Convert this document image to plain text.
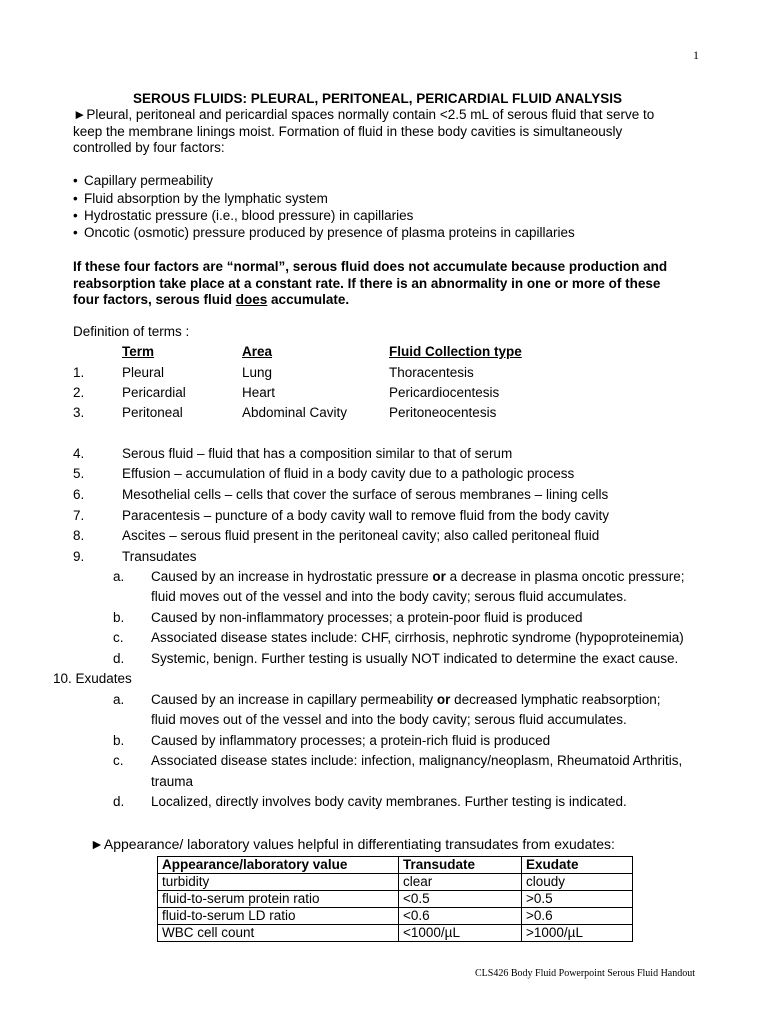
1
SEROUS FLUIDS: PLEURAL, PERITONEAL, PERICARDIAL FLUID ANALYSIS
►Pleural, peritoneal and pericardial spaces normally contain <2.5 mL of serous fluid that serve to
keep the membrane linings moist. Formation of fluid in these body cavities is simultaneously
controlled by four factors:
• Capillary permeability
• Fluid absorption by the lymphatic system
• Hydrostatic pressure (i.e., blood pressure) in capillaries
• Oncotic (osmotic) pressure produced by presence of plasma proteins in capillaries
If these four factors are “normal”, serous fluid does not accumulate because production and
reabsorption take place at a constant rate. If there is an abnormality in one or more of these
four factors, serous fluid does accumulate.
Definition of terms :
Term	Area	Fluid Collection type
1.	Pleural	Lung	Thoracentesis
2.	Pericardial	Heart	Pericardiocentesis
3.	Peritoneal	Abdominal Cavity	Peritoneocentesis
4.	Serous fluid – fluid that has a composition similar to that of serum
5.	Effusion – accumulation of fluid in a body cavity due to a pathologic process
6.	Mesothelial cells – cells that cover the surface of serous membranes – lining cells
7.	Paracentesis – puncture of a body cavity wall to remove fluid from the body cavity
8.	Ascites – serous fluid present in the peritoneal cavity; also called peritoneal fluid
9.	Transudates
a. Caused by an increase in hydrostatic pressure or a decrease in plasma oncotic pressure;
fluid moves out of the vessel and into the body cavity; serous fluid accumulates.
b. Caused by non-inflammatory processes; a protein-poor fluid is produced
c. Associated disease states include: CHF, cirrhosis, nephrotic syndrome (hypoproteinemia)
d. Systemic, benign. Further testing is usually NOT indicated to determine the exact cause.
10. Exudates
a. Caused by an increase in capillary permeability or decreased lymphatic reabsorption;
fluid moves out of the vessel and into the body cavity; serous fluid accumulates.
b. Caused by inflammatory processes; a protein-rich fluid is produced
c. Associated disease states include: infection, malignancy/neoplasm, Rheumatoid Arthritis,
trauma
d. Localized, directly involves body cavity membranes. Further testing is indicated.
►Appearance/ laboratory values helpful in differentiating transudates from exudates:
Appearance/laboratory value	Transudate	Exudate
turbidity	clear	cloudy
fluid-to-serum protein ratio	<0.5	>0.5
fluid-to-serum LD ratio	<0.6	>0.6
WBC cell count	<1000/µL	>1000/µL
CLS426 Body Fluid Powerpoint Serous Fluid Handout
